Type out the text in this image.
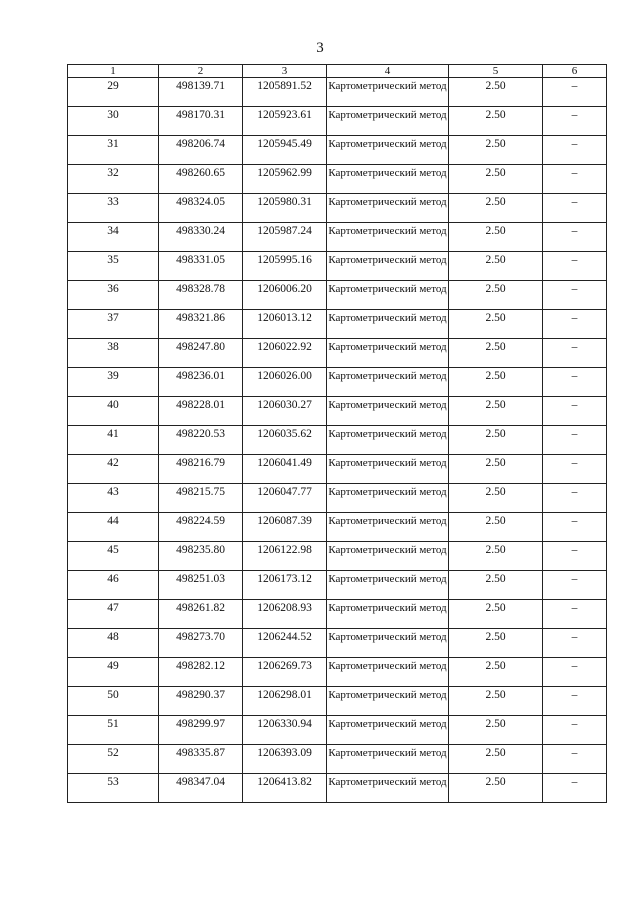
3
1	2	3	4	5	6
29	498139.71	1205891.52	Картометрический метод	2.50	–
30	498170.31	1205923.61	Картометрический метод	2.50	–
31	498206.74	1205945.49	Картометрический метод	2.50	–
32	498260.65	1205962.99	Картометрический метод	2.50	–
33	498324.05	1205980.31	Картометрический метод	2.50	–
34	498330.24	1205987.24	Картометрический метод	2.50	–
35	498331.05	1205995.16	Картометрический метод	2.50	–
36	498328.78	1206006.20	Картометрический метод	2.50	–
37	498321.86	1206013.12	Картометрический метод	2.50	–
38	498247.80	1206022.92	Картометрический метод	2.50	–
39	498236.01	1206026.00	Картометрический метод	2.50	–
40	498228.01	1206030.27	Картометрический метод	2.50	–
41	498220.53	1206035.62	Картометрический метод	2.50	–
42	498216.79	1206041.49	Картометрический метод	2.50	–
43	498215.75	1206047.77	Картометрический метод	2.50	–
44	498224.59	1206087.39	Картометрический метод	2.50	–
45	498235.80	1206122.98	Картометрический метод	2.50	–
46	498251.03	1206173.12	Картометрический метод	2.50	–
47	498261.82	1206208.93	Картометрический метод	2.50	–
48	498273.70	1206244.52	Картометрический метод	2.50	–
49	498282.12	1206269.73	Картометрический метод	2.50	–
50	498290.37	1206298.01	Картометрический метод	2.50	–
51	498299.97	1206330.94	Картометрический метод	2.50	–
52	498335.87	1206393.09	Картометрический метод	2.50	–
53	498347.04	1206413.82	Картометрический метод	2.50	–
